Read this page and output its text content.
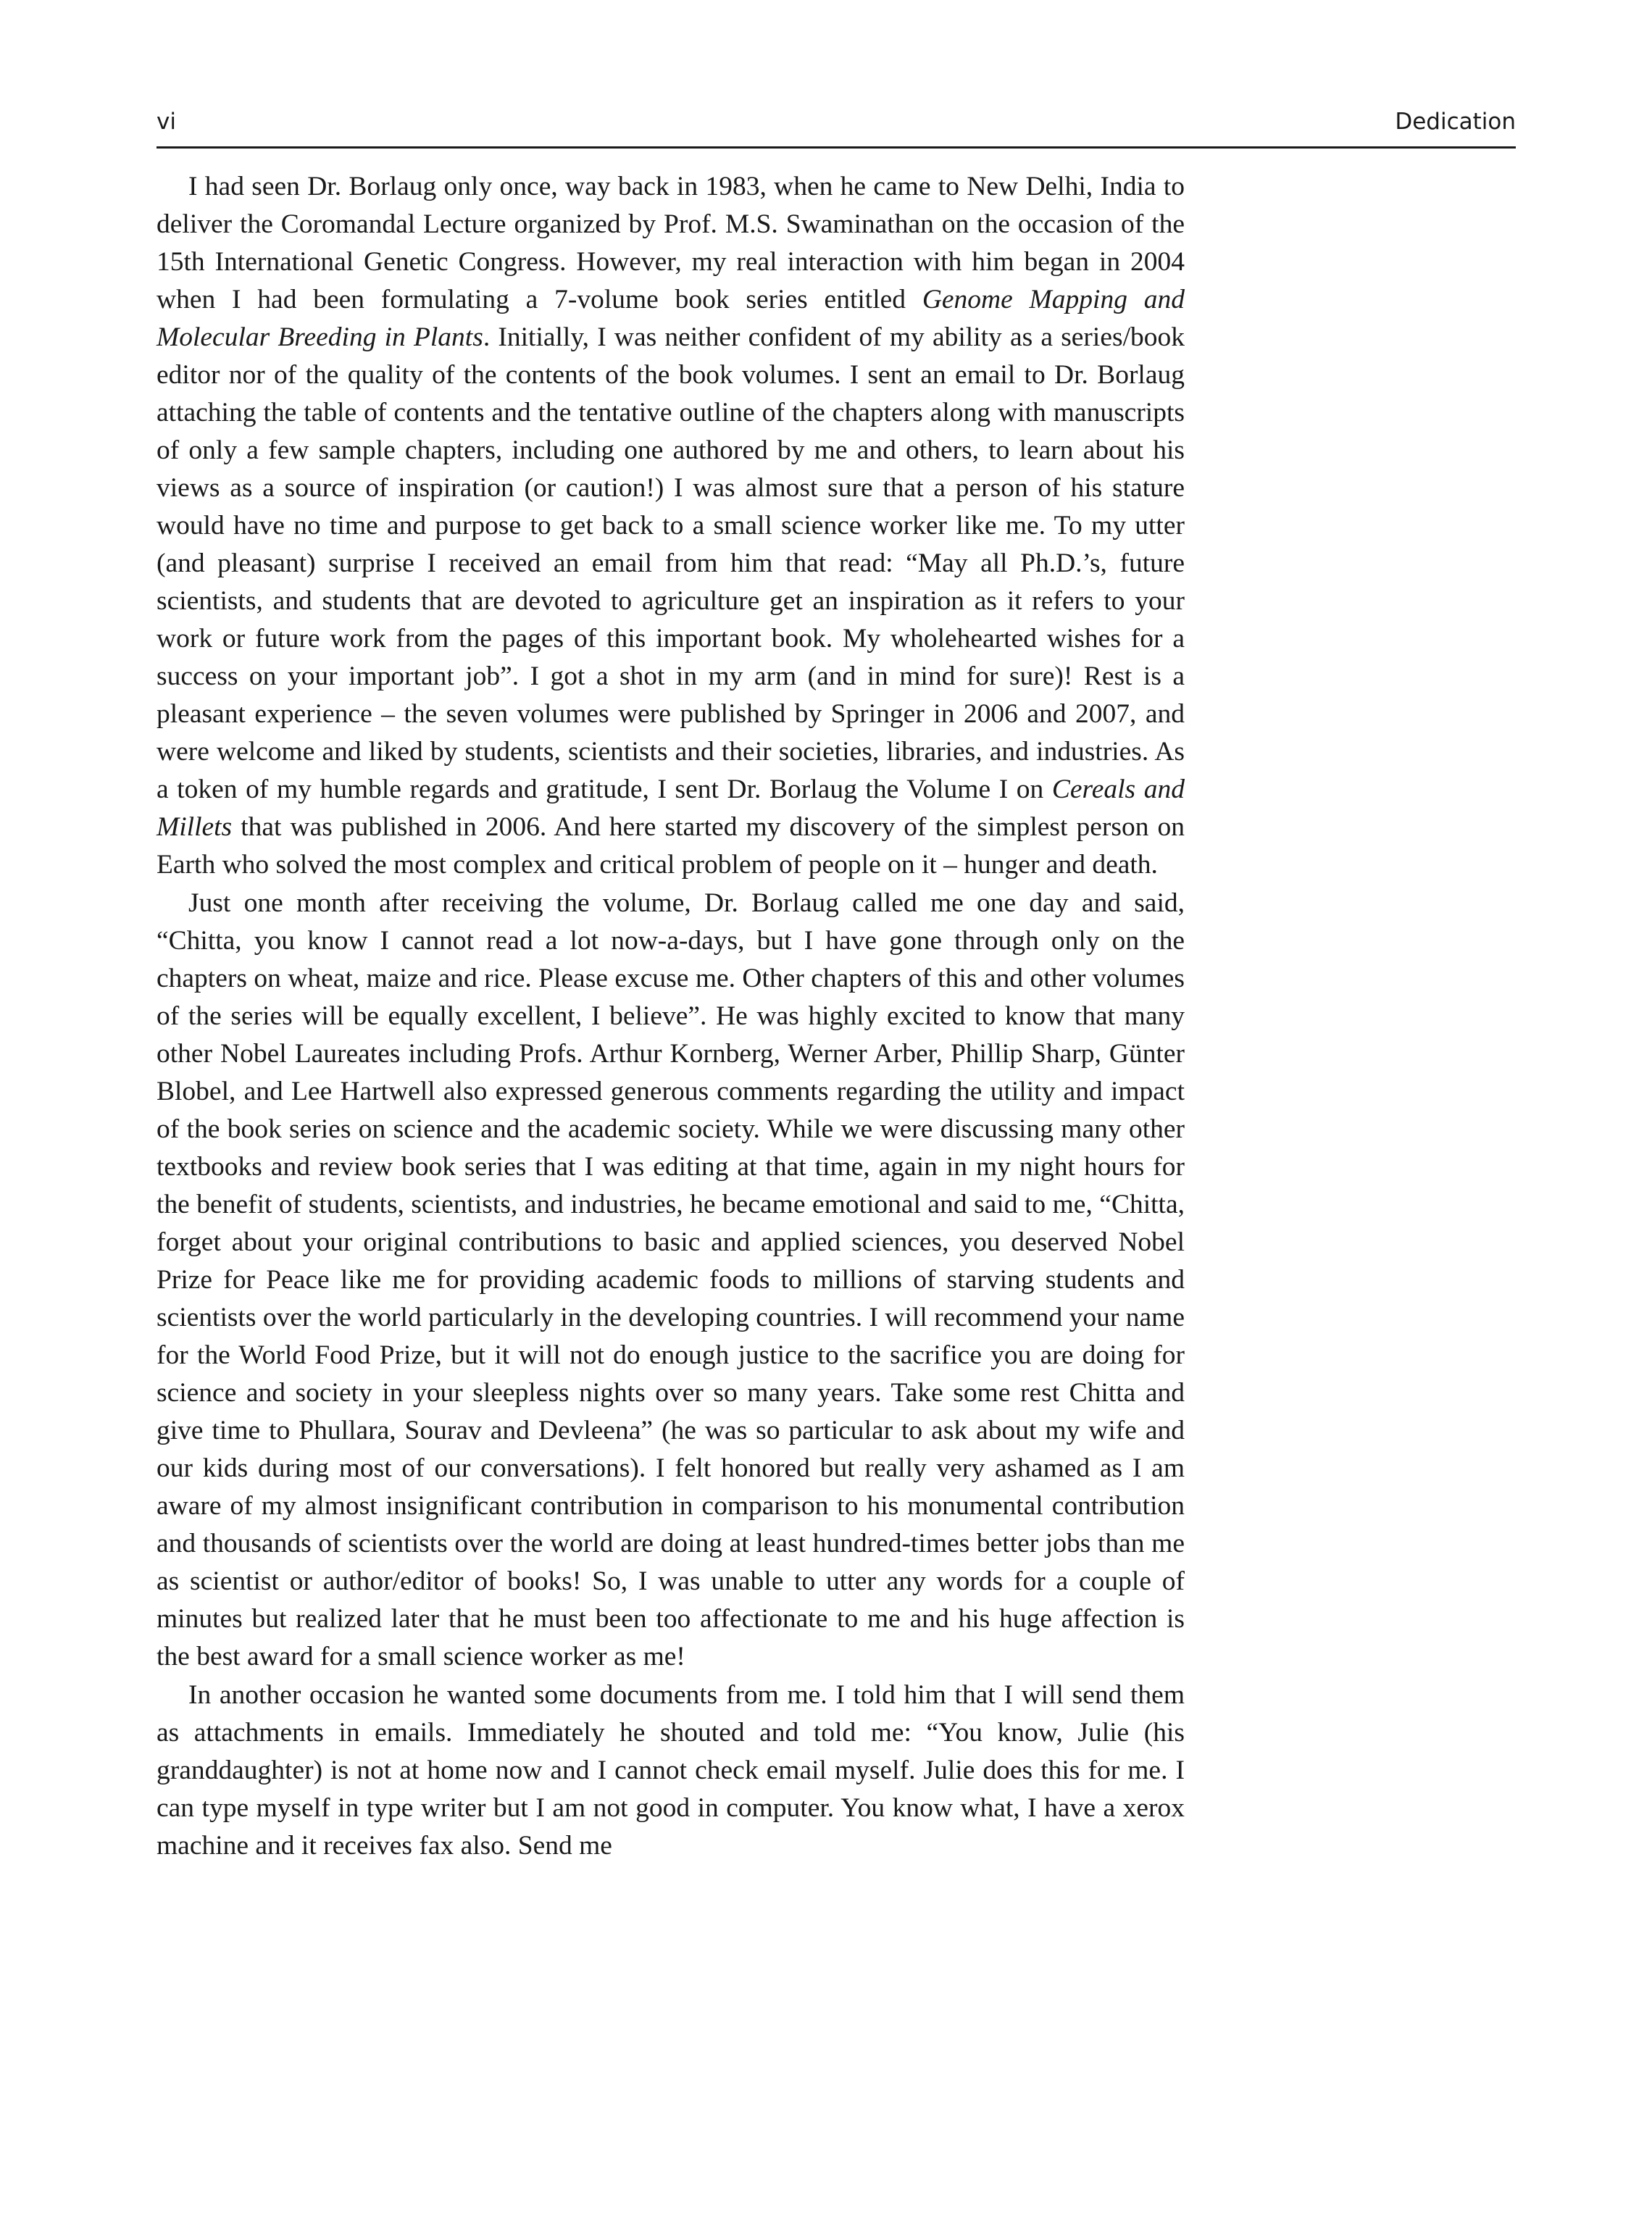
vi	Dedication

I had seen Dr. Borlaug only once, way back in 1983, when he came to New Delhi, India to deliver the Coromandal Lecture organized by Prof. M.S. Swaminathan on the occasion of the 15th International Genetic Congress. However, my real interaction with him began in 2004 when I had been formulating a 7-volume book series entitled Genome Mapping and Molecular Breeding in Plants. Initially, I was neither confident of my ability as a series/book editor nor of the quality of the contents of the book volumes. I sent an email to Dr. Borlaug attaching the table of contents and the tentative outline of the chapters along with manuscripts of only a few sample chapters, including one authored by me and others, to learn about his views as a source of inspiration (or caution!) I was almost sure that a person of his stature would have no time and purpose to get back to a small science worker like me. To my utter (and pleasant) surprise I received an email from him that read: “May all Ph.D.’s, future scientists, and students that are devoted to agriculture get an inspiration as it refers to your work or future work from the pages of this important book. My wholehearted wishes for a success on your important job”. I got a shot in my arm (and in mind for sure)! Rest is a pleasant experience – the seven volumes were published by Springer in 2006 and 2007, and were welcome and liked by students, scientists and their societies, libraries, and industries. As a token of my humble regards and gratitude, I sent Dr. Borlaug the Volume I on Cereals and Millets that was published in 2006. And here started my discovery of the simplest person on Earth who solved the most complex and critical problem of people on it – hunger and death.

Just one month after receiving the volume, Dr. Borlaug called me one day and said, “Chitta, you know I cannot read a lot now-a-days, but I have gone through only on the chapters on wheat, maize and rice. Please excuse me. Other chapters of this and other volumes of the series will be equally excellent, I believe”. He was highly excited to know that many other Nobel Laureates including Profs. Arthur Kornberg, Werner Arber, Phillip Sharp, Günter Blobel, and Lee Hartwell also expressed generous comments regarding the utility and impact of the book series on science and the academic society. While we were discussing many other textbooks and review book series that I was editing at that time, again in my night hours for the benefit of students, scientists, and industries, he became emotional and said to me, “Chitta, forget about your original contributions to basic and applied sciences, you deserved Nobel Prize for Peace like me for providing academic foods to millions of starving students and scientists over the world particularly in the developing countries. I will recommend your name for the World Food Prize, but it will not do enough justice to the sacrifice you are doing for science and society in your sleepless nights over so many years. Take some rest Chitta and give time to Phullara, Sourav and Devleena” (he was so particular to ask about my wife and our kids during most of our conversations). I felt honored but really very ashamed as I am aware of my almost insignificant contribution in comparison to his monumental contribution and thousands of scientists over the world are doing at least hundred-times better jobs than me as scientist or author/editor of books! So, I was unable to utter any words for a couple of minutes but realized later that he must been too affectionate to me and his huge affection is the best award for a small science worker as me!

In another occasion he wanted some documents from me. I told him that I will send them as attachments in emails. Immediately he shouted and told me: “You know, Julie (his granddaughter) is not at home now and I cannot check email myself. Julie does this for me. I can type myself in type writer but I am not good in computer. You know what, I have a xerox machine and it receives fax also. Send me
